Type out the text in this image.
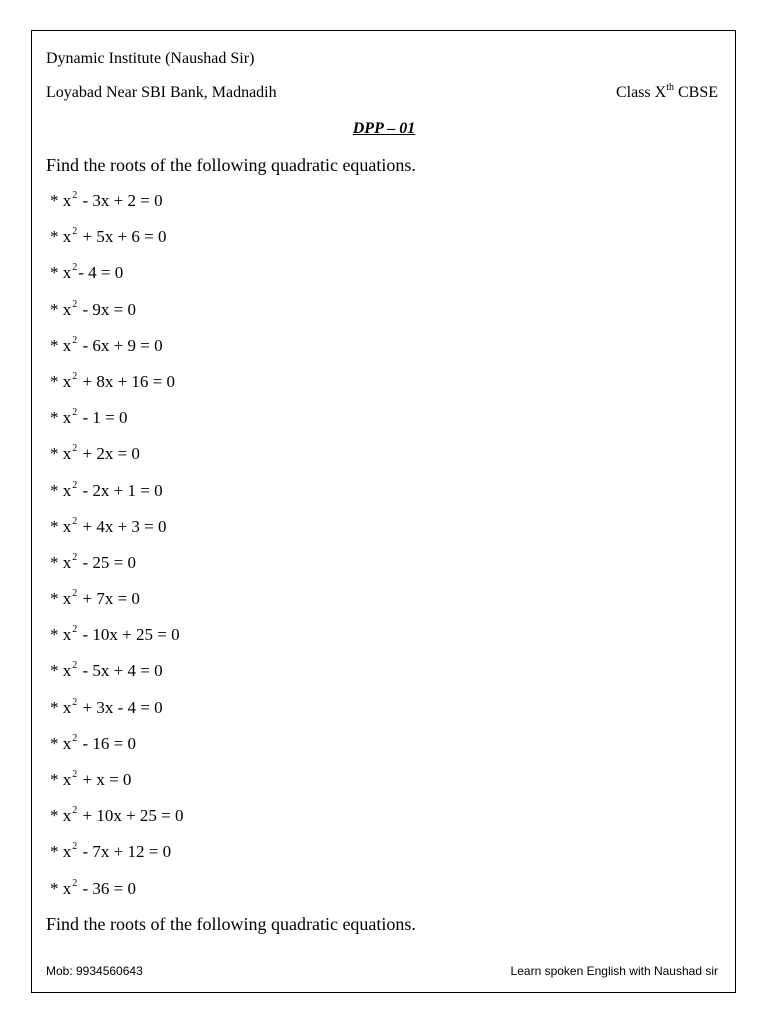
Dynamic Institute (Naushad Sir)
Loyabad Near SBI Bank, Madnadih	Class Xth CBSE
DPP – 01
Find the roots of the following quadratic equations.
* $x^2 - 3x + 2 = 0$
* $x^2 + 5x + 6 = 0$
* $x^2-$ 4 = 0
* $x^2 - 9x = 0$
* $x^2 - 6x + 9 = 0$
* $x^2 + 8x + 16 = 0$
* $x^2 - 1 = 0$
* $x^2 + 2x = 0$
* $x^2 - 2x + 1 = 0$
* $x^2 + 4x + 3 = 0$
* $x^2 - 25 = 0$
* $x^2 + 7x = 0$
* $x^2 - 10x + 25 = 0$
* $x^2 - 5x + 4 = 0$
* $x^2 + 3x - 4 = 0$
* $x^2 - 16 = 0$
* $x^2 + x = 0$
* $x^2 + 10x + 25 = 0$
* $x^2 - 7x + 12 = 0$
* $x^2 - 36 = 0$
Find the roots of the following quadratic equations.
Mob: 9934560643	Learn spoken English with Naushad sir
